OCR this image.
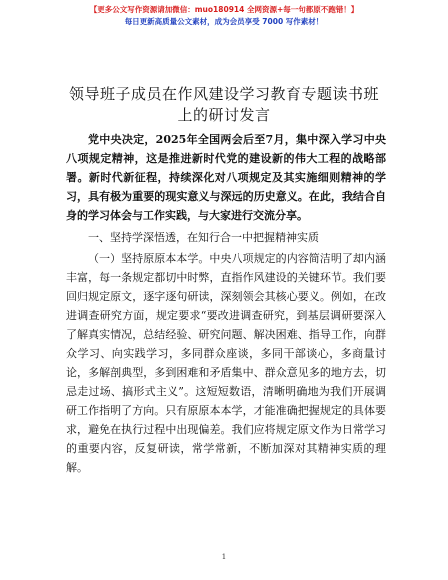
【更多公文写作资源请加微信：muo180914 全网资源+每一句都原不跑错！】
每日更新高质量公文素材，成为会员享受 7000 写作素材！
领导班子成员在作风建设学习教育专题读书班
上的研讨发言

党中央决定，2025年全国两会后至7月，集中深入学习中央八项规定精神，这是推进新时代党的建设新的伟大工程的战略部署。新时代新征程，持续深化对八项规定及其实施细则精神的学习，具有极为重要的现实意义与深远的历史意义。在此，我结合自身的学习体会与工作实践，与大家进行交流分享。

一、坚持学深悟透，在知行合一中把握精神实质

（一）坚持原原本本学。中央八项规定的内容简洁明了却内涵丰富，每一条规定都切中时弊，直指作风建设的关键环节。我们要回归规定原文，逐字逐句研读，深刻领会其核心要义。例如，在改进调查研究方面，规定要求“要改进调查研究，到基层调研要深入了解真实情况，总结经验、研究问题、解决困难、指导工作，向群众学习、向实践学习，多同群众座谈，多同干部谈心，多商量讨论，多解剖典型，多到困难和矛盾集中、群众意见多的地方去，切忌走过场、搞形式主义”。这短短数语，清晰明确地为我们开展调研工作指明了方向。只有原原本本学，才能准确把握规定的具体要求，避免在执行过程中出现偏差。我们应将规定原文作为日常学习的重要内容，反复研读，常学常新，不断加深对其精神实质的理解。

1
